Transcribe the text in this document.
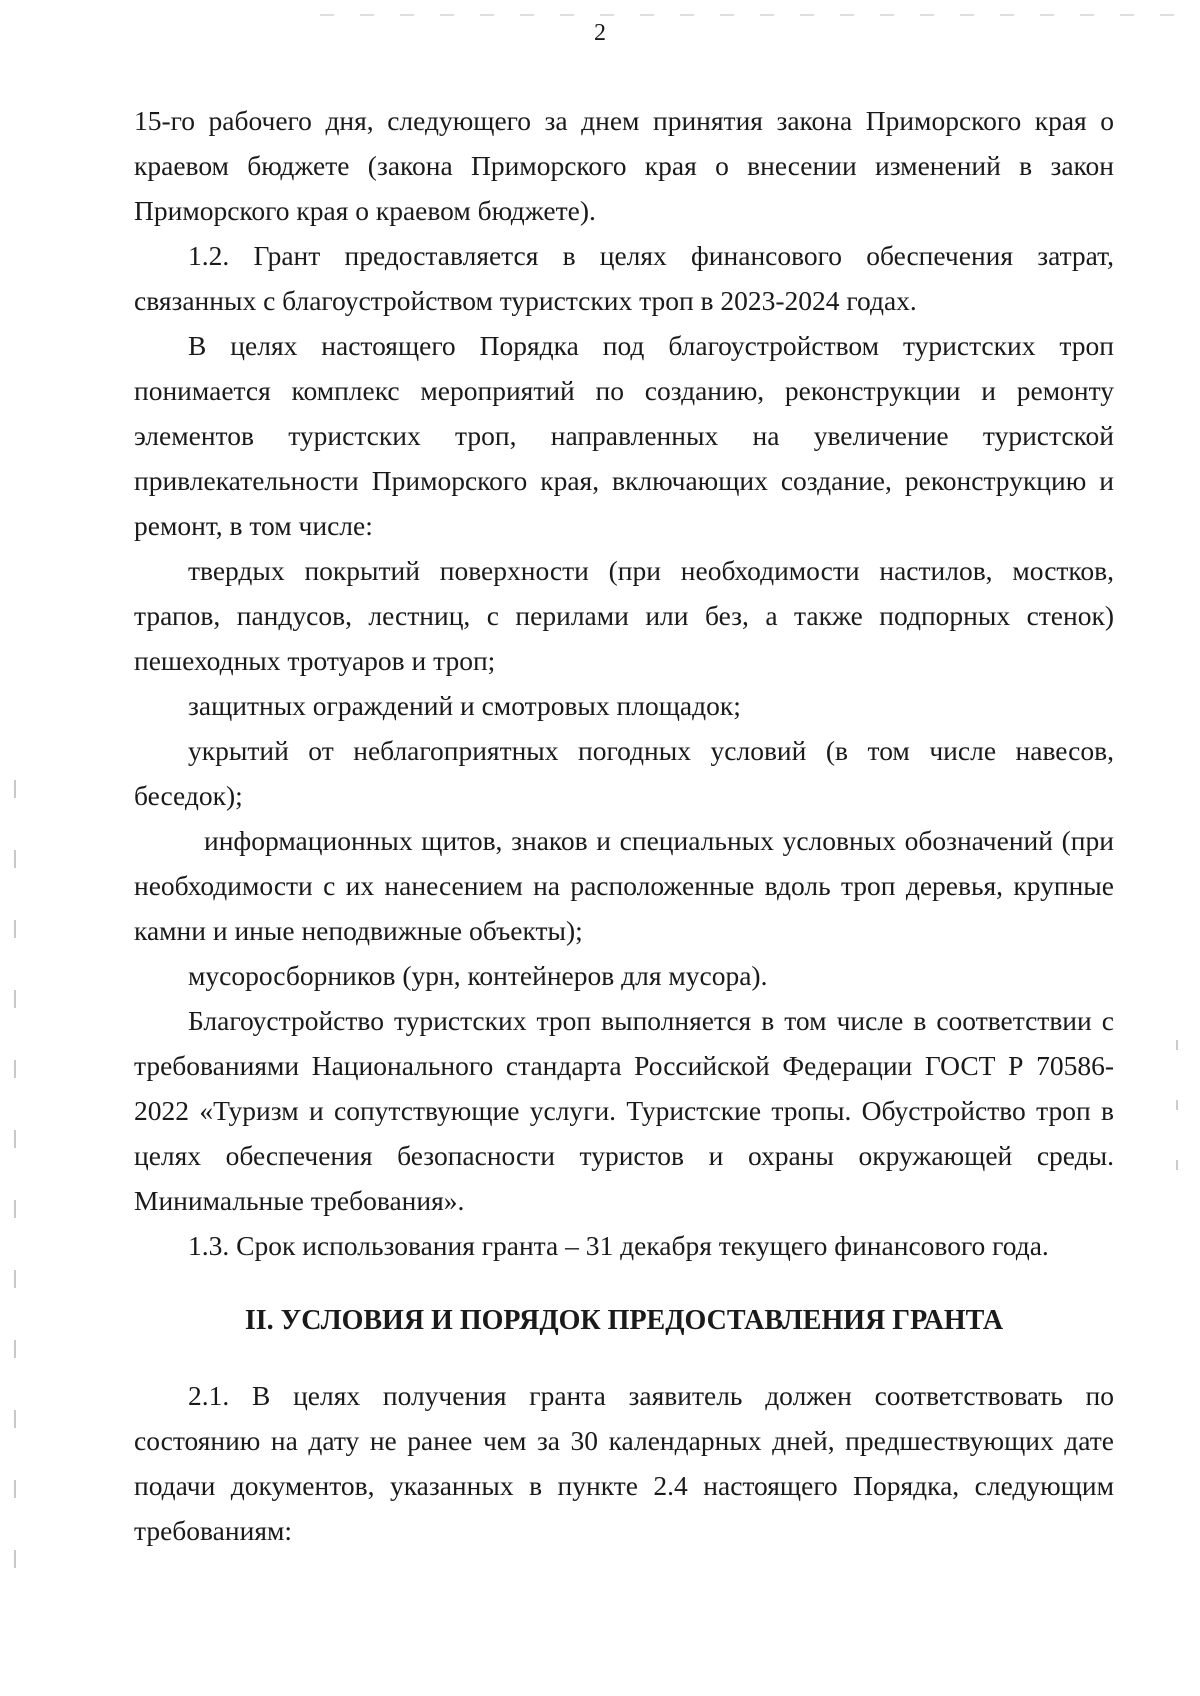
2

15-го рабочего дня, следующего за днем принятия закона Приморского края о краевом бюджете (закона Приморского края о внесении изменений в закон Приморского края о краевом бюджете).

1.2. Грант предоставляется в целях финансового обеспечения затрат, связанных с благоустройством туристских троп в 2023-2024 годах.

В целях настоящего Порядка под благоустройством туристских троп понимается комплекс мероприятий по созданию, реконструкции и ремонту элементов туристских троп, направленных на увеличение туристской привлекательности Приморского края, включающих создание, реконструкцию и ремонт, в том числе:

твердых покрытий поверхности (при необходимости настилов, мостков, трапов, пандусов, лестниц, с перилами или без, а также подпорных стенок) пешеходных тротуаров и троп;

защитных ограждений и смотровых площадок;

укрытий от неблагоприятных погодных условий (в том числе навесов, беседок);

информационных щитов, знаков и специальных условных обозначений (при необходимости с их нанесением на расположенные вдоль троп деревья, крупные камни и иные неподвижные объекты);

мусоросборников (урн, контейнеров для мусора).

Благоустройство туристских троп выполняется в том числе в соответствии с требованиями Национального стандарта Российской Федерации ГОСТ Р 70586-2022 «Туризм и сопутствующие услуги. Туристские тропы. Обустройство троп в целях обеспечения безопасности туристов и охраны окружающей среды. Минимальные требования».

1.3. Срок использования гранта – 31 декабря текущего финансового года.

II. УСЛОВИЯ И ПОРЯДОК ПРЕДОСТАВЛЕНИЯ ГРАНТА

2.1. В целях получения гранта заявитель должен соответствовать по состоянию на дату не ранее чем за 30 календарных дней, предшествующих дате подачи документов, указанных в пункте 2.4 настоящего Порядка, следующим требованиям:
